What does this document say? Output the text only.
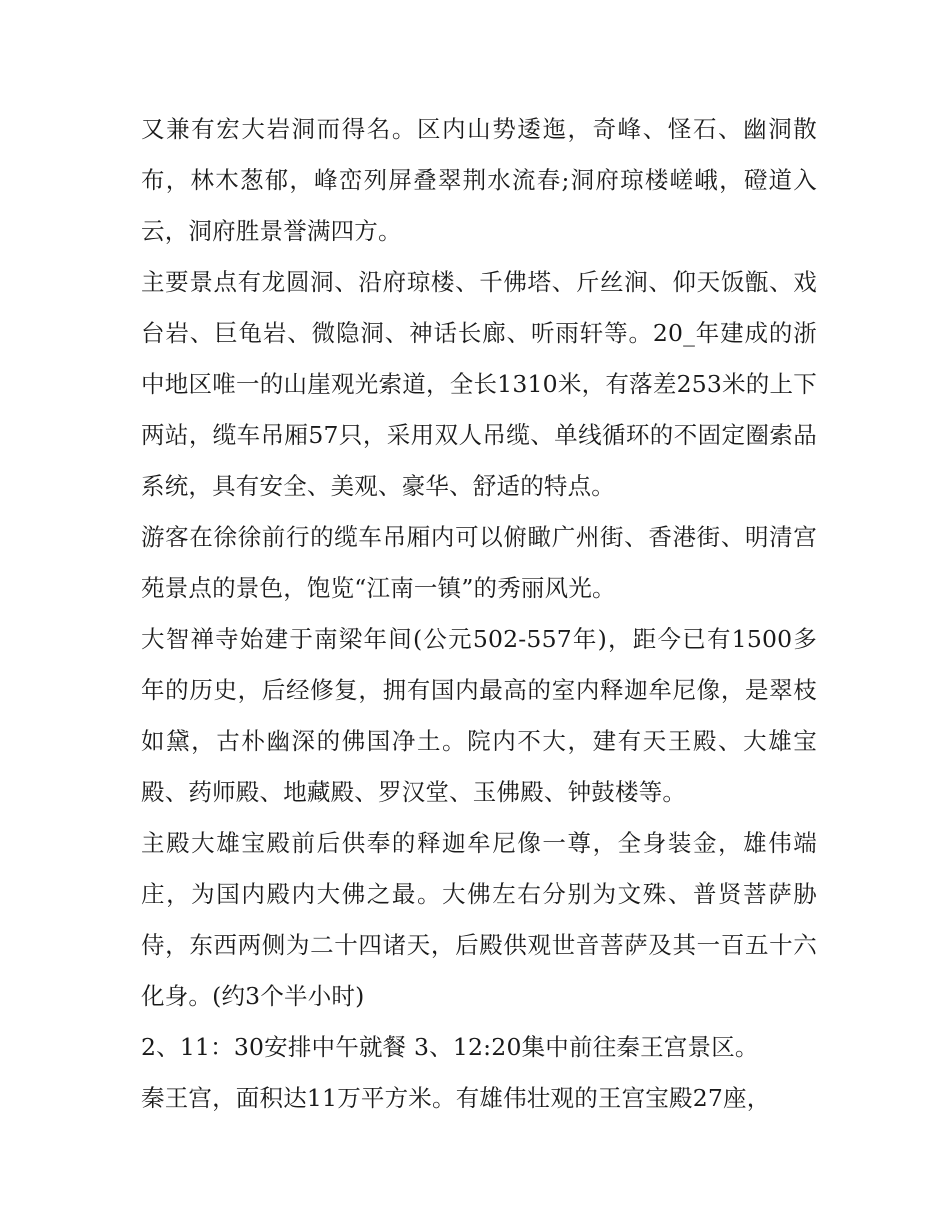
又兼有宏大岩洞而得名。区内山势逶迤，奇峰、怪石、幽洞散布，林木葱郁，峰峦列屏叠翠荆水流春;洞府琼楼嵯峨，磴道入云，洞府胜景誉满四方。

主要景点有龙圆洞、沿府琼楼、千佛塔、斤丝涧、仰天饭甑、戏台岩、巨龟岩、微隐洞、神话长廊、听雨轩等。20_年建成的浙中地区唯一的山崖观光索道，全长1310米，有落差253米的上下两站，缆车吊厢57只，采用双人吊缆、单线循环的不固定圈索品系统，具有安全、美观、豪华、舒适的特点。

游客在徐徐前行的缆车吊厢内可以俯瞰广州街、香港街、明清宫苑景点的景色，饱览“江南一镇”的秀丽风光。

大智禅寺始建于南梁年间(公元502-557年)，距今已有1500多年的历史，后经修复，拥有国内最高的室内释迦牟尼像，是翠枝如黛，古朴幽深的佛国净土。院内不大，建有天王殿、大雄宝殿、药师殿、地藏殿、罗汉堂、玉佛殿、钟鼓楼等。

主殿大雄宝殿前后供奉的释迦牟尼像一尊，全身装金，雄伟端庄，为国内殿内大佛之最。大佛左右分别为文殊、普贤菩萨胁侍，东西两侧为二十四诸天，后殿供观世音菩萨及其一百五十六化身。(约3个半小时)

2、11：30安排中午就餐 3、12:20集中前往秦王宫景区。

秦王宫，面积达11万平方米。有雄伟壮观的王宫宝殿27座，
